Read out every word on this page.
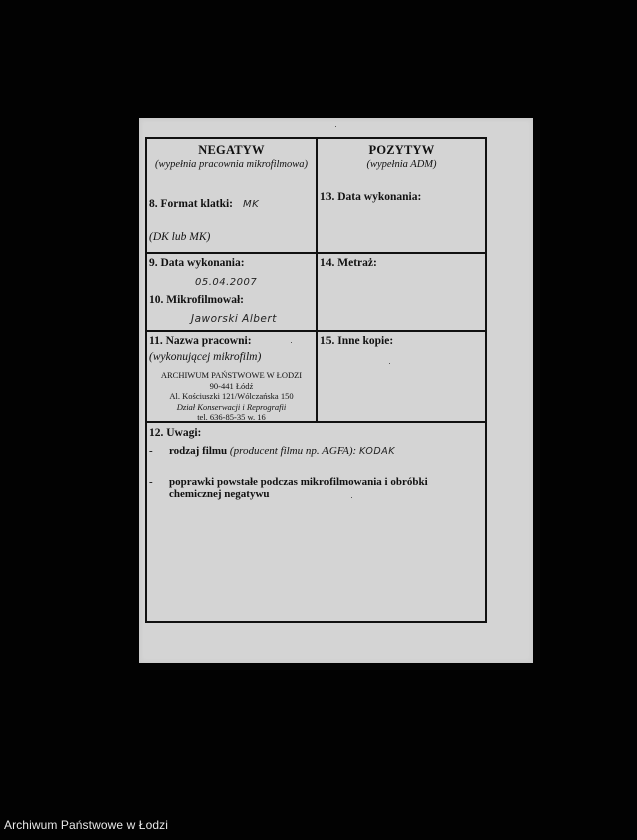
NEGATYW
(wypełnia pracownia mikrofilmowa)
8. Format klatki: MK
(DK lub MK)
POZYTYW
(wypełnia ADM)
13. Data wykonania:
9. Data wykonania:
05.04.2007
10. Mikrofilmował:
Jaworski Albert
14. Metraż:
11. Nazwa pracowni:
(wykonującej mikrofilm)
ARCHIWUM PAŃSTWOWE W ŁODZI
90-441 Łódź
Al. Kościuszki 121/Wólczańska 150
Dział Konserwacji i Reprografii
tel. 636-85-35 w. 16
15. Inne kopie:
12. Uwagi:
-	rodzaj filmu (producent filmu np. AGFA): KODAK
-	poprawki powstałe podczas mikrofilmowania i obróbki
chemicznej negatywu
Archiwum Państwowe w Łodzi
